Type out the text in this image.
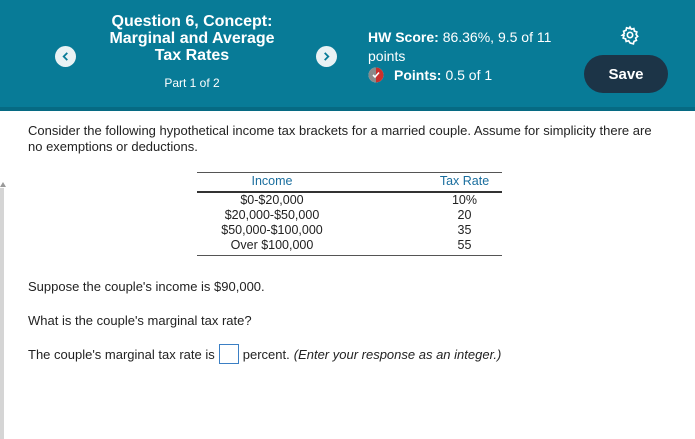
Question 6, Concept: Marginal and Average Tax Rates
Part 1 of 2
HW Score: 86.36%, 9.5 of 11 points
Points: 0.5 of 1	Save

Consider the following hypothetical income tax brackets for a married couple. Assume for simplicity there are no exemptions or deductions.

Income		Tax Rate
$0-$20,000		10%
$20,000-$50,000		20
$50,000-$100,000		35
Over $100,000		55

Suppose the couple's income is $90,000.

What is the couple's marginal tax rate?

The couple's marginal tax rate is percent. (Enter your response as an integer.)
